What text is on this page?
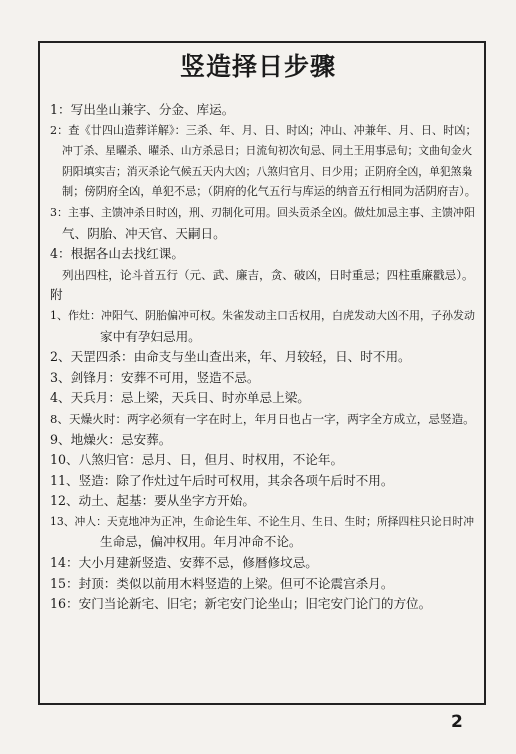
竖造择日步骤

1：写出坐山兼字、分金、库运。

2：查《廿四山造葬详解》：三杀、年、月、日、时凶；冲山、冲兼年、月、日、时凶；

冲丁杀、星曜杀、曜杀、山方杀忌日；日流旬初次旬忌、同土王用事忌旬；文曲旬金火

阴阳填实吉；消灭杀论气候五天内大凶；八煞归官月、日少用；正阴府全凶，单犯煞枭

制；傍阴府全凶，单犯不忌；（阴府的化气五行与库运的纳音五行相同为活阴府吉）。

3：主事、主馈冲杀日时凶，刑、刃制化可用。回头贡杀全凶。做灶加忌主事、主馈冲阳

气、阴胎、冲天官、天嗣日。

4：根据各山去找红课。

列出四柱，论斗首五行（元、武、廉吉，贪、破凶，日时重忌；四柱重廉戳忌）。

附

1、作灶：冲阳气、阴胎偏冲可权。朱雀发动主口舌权用，白虎发动大凶不用，子孙发动

家中有孕妇忌用。

2、天罡四杀：由命支与坐山查出来，年、月较轻，日、时不用。

3、剑锋月：安葬不可用，竖造不忌。

4、天兵月：忌上梁，天兵日、时亦单忌上梁。

8、天燥火时：两字必须有一字在时上，年月日也占一字，两字全方成立，忌竖造。

9、地燥火：忌安葬。

10、八煞归官：忌月、日，但月、时权用，不论年。

11、竖造：除了作灶过午后时可权用，其余各项午后时不用。

12、动土、起基：要从坐字方开始。

13、冲人：天克地冲为正冲，生命论生年、不论生月、生日、生时；所择四柱只论日时冲

生命忌，偏冲权用。年月冲命不论。

14：大小月建新竖造、安葬不忌，修暦修坟忌。

15：封顶：类似以前用木料竖造的上梁。但可不论震宫杀月。

16：安门当论新宅、旧宅；新宅安门论坐山；旧宅安门论门的方位。

2
